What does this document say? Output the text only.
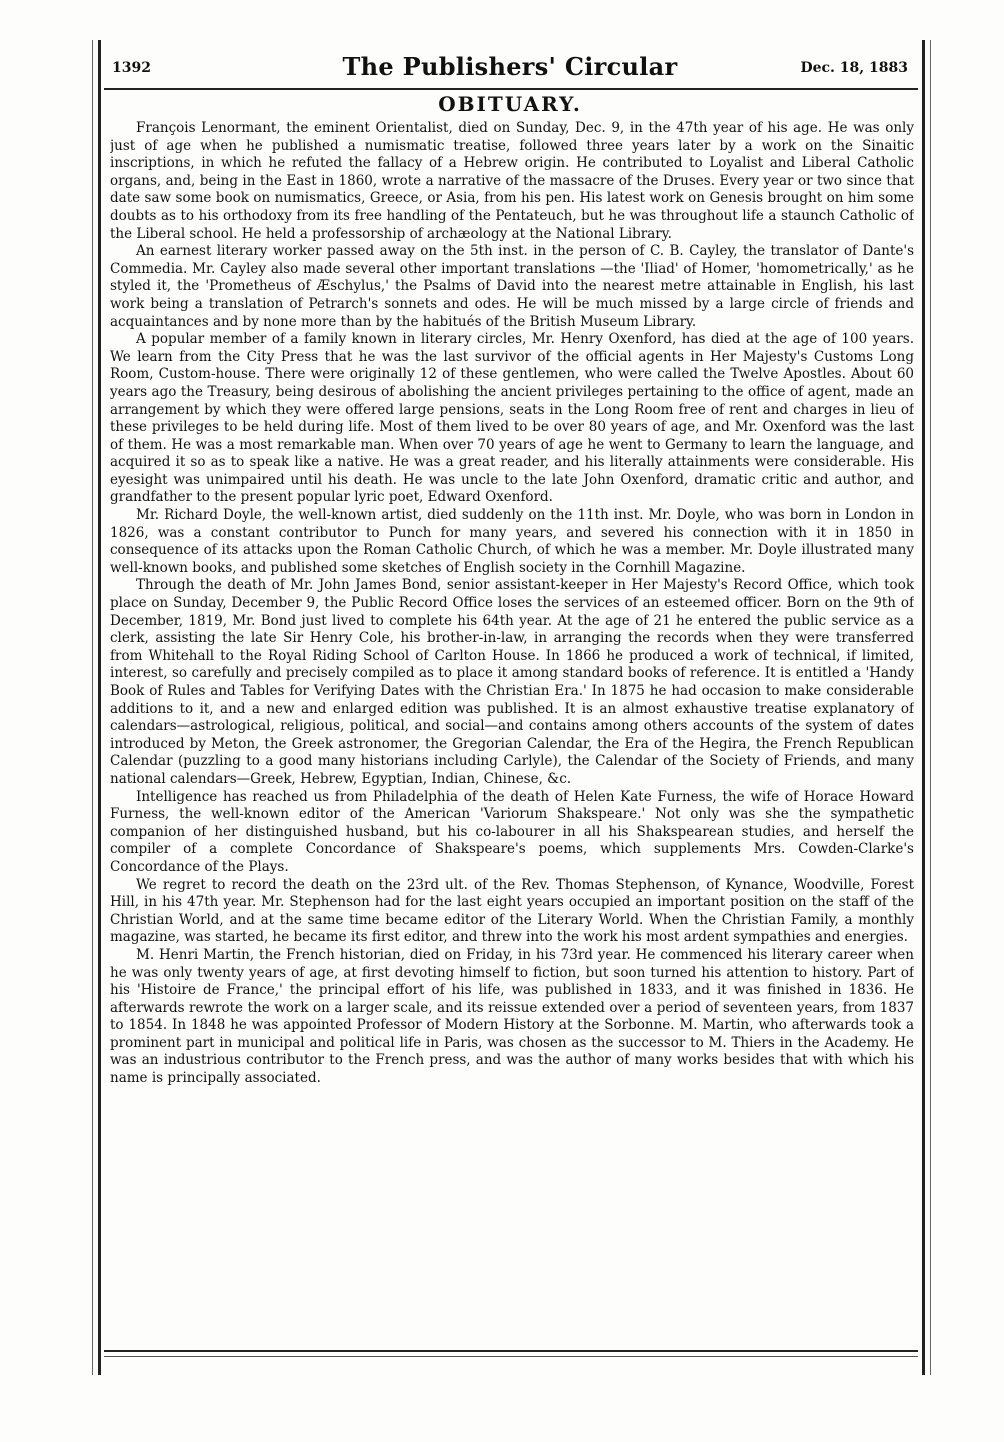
1392	The Publishers' Circular	Dec. 18, 1883
OBITUARY.

François Lenormant, the eminent Orientalist, died on Sunday, Dec. 9, in the 47th year of his age. He was only just of age when he published a numismatic treatise, followed three years later by a work on the Sinaitic inscriptions, in which he refuted the fallacy of a Hebrew origin. He contributed to Loyalist and Liberal Catholic organs, and, being in the East in 1860, wrote a narrative of the massacre of the Druses. Every year or two since that date saw some book on numismatics, Greece, or Asia, from his pen. His latest work on Genesis brought on him some doubts as to his orthodoxy from its free handling of the Pentateuch, but he was throughout life a staunch Catholic of the Liberal school. He held a professorship of archæology at the National Library.

An earnest literary worker passed away on the 5th inst. in the person of C. B. Cayley, the translator of Dante's Commedia. Mr. Cayley also made several other important translations —the 'Iliad' of Homer, 'homometrically,' as he styled it, the 'Prometheus of Æschylus,' the Psalms of David into the nearest metre attainable in English, his last work being a translation of Petrarch's sonnets and odes. He will be much missed by a large circle of friends and acquaintances and by none more than by the habitués of the British Museum Library.

A popular member of a family known in literary circles, Mr. Henry Oxenford, has died at the age of 100 years. We learn from the City Press that he was the last survivor of the official agents in Her Majesty's Customs Long Room, Custom-house. There were originally 12 of these gentlemen, who were called the Twelve Apostles. About 60 years ago the Treasury, being desirous of abolishing the ancient privileges pertaining to the office of agent, made an arrangement by which they were offered large pensions, seats in the Long Room free of rent and charges in lieu of these privileges to be held during life. Most of them lived to be over 80 years of age, and Mr. Oxenford was the last of them. He was a most remarkable man. When over 70 years of age he went to Germany to learn the language, and acquired it so as to speak like a native. He was a great reader, and his literally attainments were considerable. His eyesight was unimpaired until his death. He was uncle to the late John Oxenford, dramatic critic and author, and grandfather to the present popular lyric poet, Edward Oxenford.

Mr. Richard Doyle, the well-known artist, died suddenly on the 11th inst. Mr. Doyle, who was born in London in 1826, was a constant contributor to Punch for many years, and severed his connection with it in 1850 in consequence of its attacks upon the Roman Catholic Church, of which he was a member. Mr. Doyle illustrated many well-known books, and published some sketches of English society in the Cornhill Magazine.

Through the death of Mr. John James Bond, senior assistant-keeper in Her Majesty's Record Office, which took place on Sunday, December 9, the Public Record Office loses the services of an esteemed officer. Born on the 9th of December, 1819, Mr. Bond just lived to complete his 64th year. At the age of 21 he entered the public service as a clerk, assisting the late Sir Henry Cole, his brother-in-law, in arranging the records when they were transferred from Whitehall to the Royal Riding School of Carlton House. In 1866 he produced a work of technical, if limited, interest, so carefully and precisely compiled as to place it among standard books of reference. It is entitled a 'Handy Book of Rules and Tables for Verifying Dates with the Christian Era.' In 1875 he had occasion to make considerable additions to it, and a new and enlarged edition was published. It is an almost exhaustive treatise explanatory of calendars—astrological, religious, political, and social—and contains among others accounts of the system of dates introduced by Meton, the Greek astronomer, the Gregorian Calendar, the Era of the Hegira, the French Republican Calendar (puzzling to a good many historians including Carlyle), the Calendar of the Society of Friends, and many national calendars—Greek, Hebrew, Egyptian, Indian, Chinese, &c.

Intelligence has reached us from Philadelphia of the death of Helen Kate Furness, the wife of Horace Howard Furness, the well-known editor of the American 'Variorum Shakspeare.' Not only was she the sympathetic companion of her distinguished husband, but his co-labourer in all his Shakspearean studies, and herself the compiler of a complete Concordance of Shakspeare's poems, which supplements Mrs. Cowden-Clarke's Concordance of the Plays.

We regret to record the death on the 23rd ult. of the Rev. Thomas Stephenson, of Kynance, Woodville, Forest Hill, in his 47th year. Mr. Stephenson had for the last eight years occupied an important position on the staff of the Christian World, and at the same time became editor of the Literary World. When the Christian Family, a monthly magazine, was started, he became its first editor, and threw into the work his most ardent sympathies and energies.

M. Henri Martin, the French historian, died on Friday, in his 73rd year. He commenced his literary career when he was only twenty years of age, at first devoting himself to fiction, but soon turned his attention to history. Part of his 'Histoire de France,' the principal effort of his life, was published in 1833, and it was finished in 1836. He afterwards rewrote the work on a larger scale, and its reissue extended over a period of seventeen years, from 1837 to 1854. In 1848 he was appointed Professor of Modern History at the Sorbonne. M. Martin, who afterwards took a prominent part in municipal and political life in Paris, was chosen as the successor to M. Thiers in the Academy. He was an industrious contributor to the French press, and was the author of many works besides that with which his name is principally associated.
